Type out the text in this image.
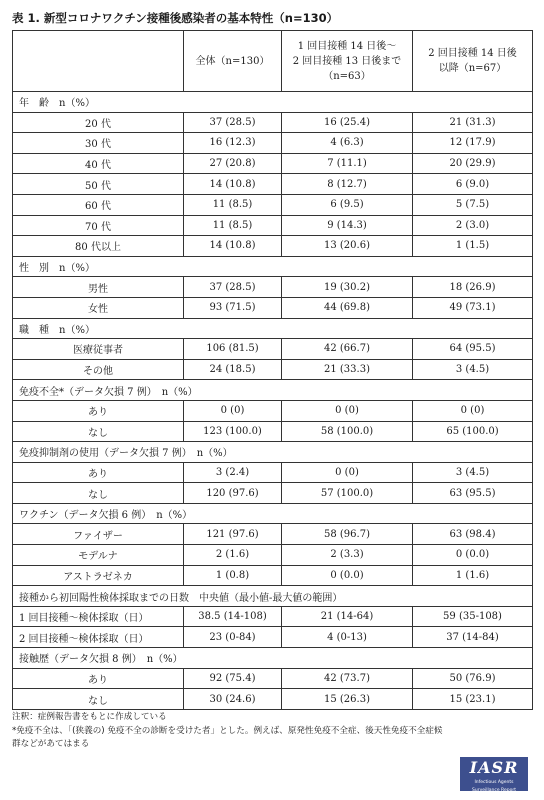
表 1. 新型コロナワクチン接種後感染者の基本特性（n=130）
	全体（n=130）	1 回目接種 14 日後～
2 回目接種 13 日後まで
（n=63）	2 回目接種 14 日後
以降（n=67）
年　齢　n（%）			
20 代	37 (28.5)	16 (25.4)	21 (31.3)
30 代	16 (12.3)	4 (6.3)	12 (17.9)
40 代	27 (20.8)	7 (11.1)	20 (29.9)
50 代	14 (10.8)	8 (12.7)	6 (9.0)
60 代	11 (8.5)	6 (9.5)	5 (7.5)
70 代	11 (8.5)	9 (14.3)	2 (3.0)
80 代以上	14 (10.8)	13 (20.6)	1 (1.5)
性　別　n（%）			
男性	37 (28.5)	19 (30.2)	18 (26.9)
女性	93 (71.5)	44 (69.8)	49 (73.1)
職　種　n（%）			
医療従事者	106 (81.5)	42 (66.7)	64 (95.5)
その他	24 (18.5)	21 (33.3)	3 (4.5)
免疫不全*（データ欠損 7 例）　n（%）			
あり	0 (0)	0 (0)	0 (0)
なし	123 (100.0)	58 (100.0)	65 (100.0)
免疫抑制剤の使用（データ欠損 7 例）　n（%）			
あり	3 (2.4)	0 (0)	3 (4.5)
なし	120 (97.6)	57 (100.0)	63 (95.5)
ワクチン（データ欠損 6 例）　n（%）			
ファイザー	121 (97.6)	58 (96.7)	63 (98.4)
モデルナ	2 (1.6)	2 (3.3)	0 (0.0)
アストラゼネカ	1 (0.8)	0 (0.0)	1 (1.6)
接種から初回陽性検体採取までの日数　中央値（最小値-最大値の範囲）			
1 回目接種～検体採取（日）	38.5 (14-108)	21 (14-64)	59 (35-108)
2 回目接種～検体採取（日）	23 (0-84)	4 (0-13)	37 (14-84)
接触歴（データ欠損 8 例）　n（%）			
あり	92 (75.4)	42 (73.7)	50 (76.9)
なし	30 (24.6)	15 (26.3)	15 (23.1)
注釈：症例報告書をもとに作成している
*免疫不全は、「(狭義の) 免疫不全の診断を受けた者」とした。例えば、原発性免疫不全症、後天性免疫不全症候
群などがあてはまる
IASR
Infectious Agents Surveillance Report
